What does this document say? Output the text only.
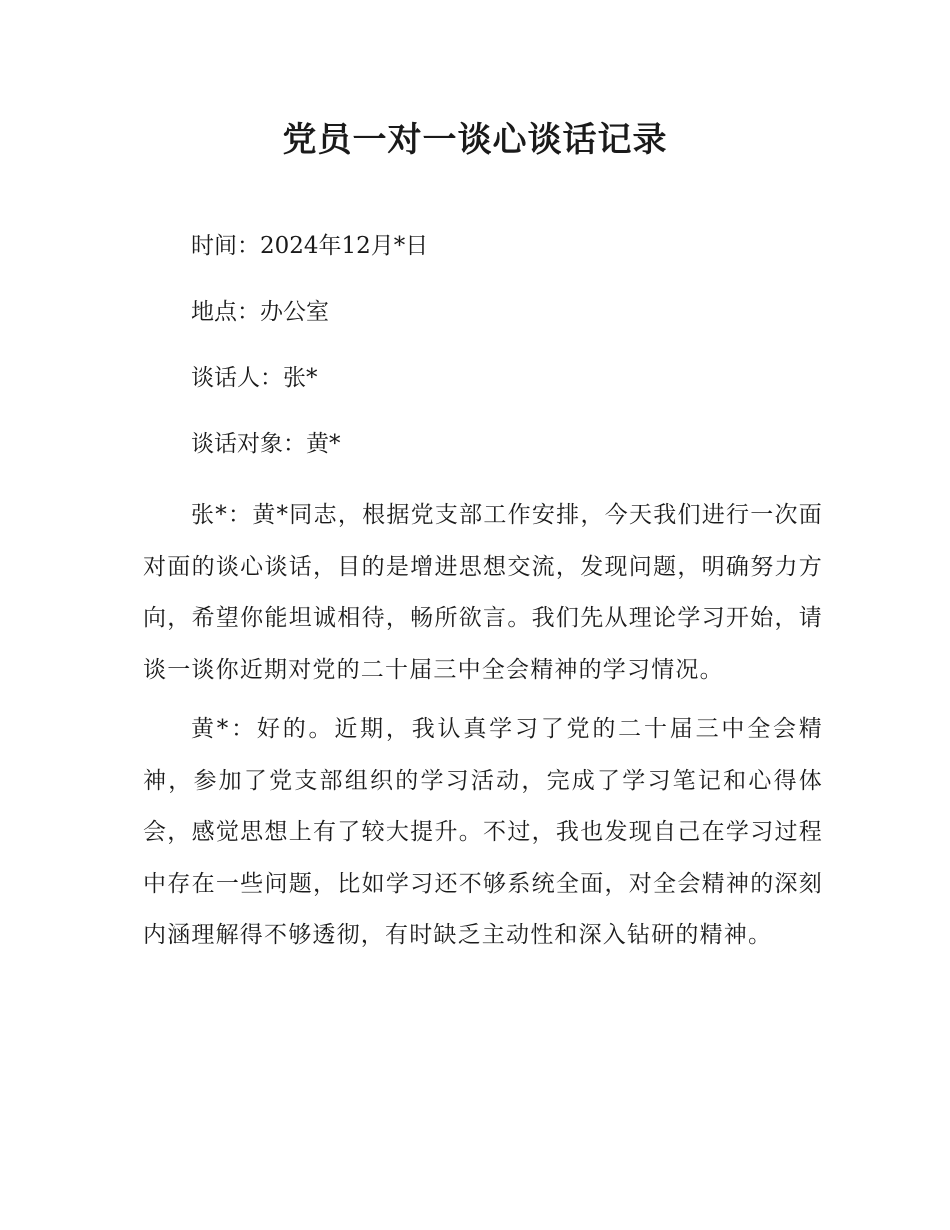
党员一对一谈心谈话记录
时间：2024年12月*日
地点：办公室
谈话人：张*
谈话对象：黄*

张*：黄*同志，根据党支部工作安排，今天我们进行一次面对面的谈心谈话，目的是增进思想交流，发现问题，明确努力方向，希望你能坦诚相待，畅所欲言。我们先从理论学习开始，请谈一谈你近期对党的二十届三中全会精神的学习情况。

黄*：好的。近期，我认真学习了党的二十届三中全会精神，参加了党支部组织的学习活动，完成了学习笔记和心得体会，感觉思想上有了较大提升。不过，我也发现自己在学习过程中存在一些问题，比如学习还不够系统全面，对全会精神的深刻内涵理解得不够透彻，有时缺乏主动性和深入钻研的精神。
